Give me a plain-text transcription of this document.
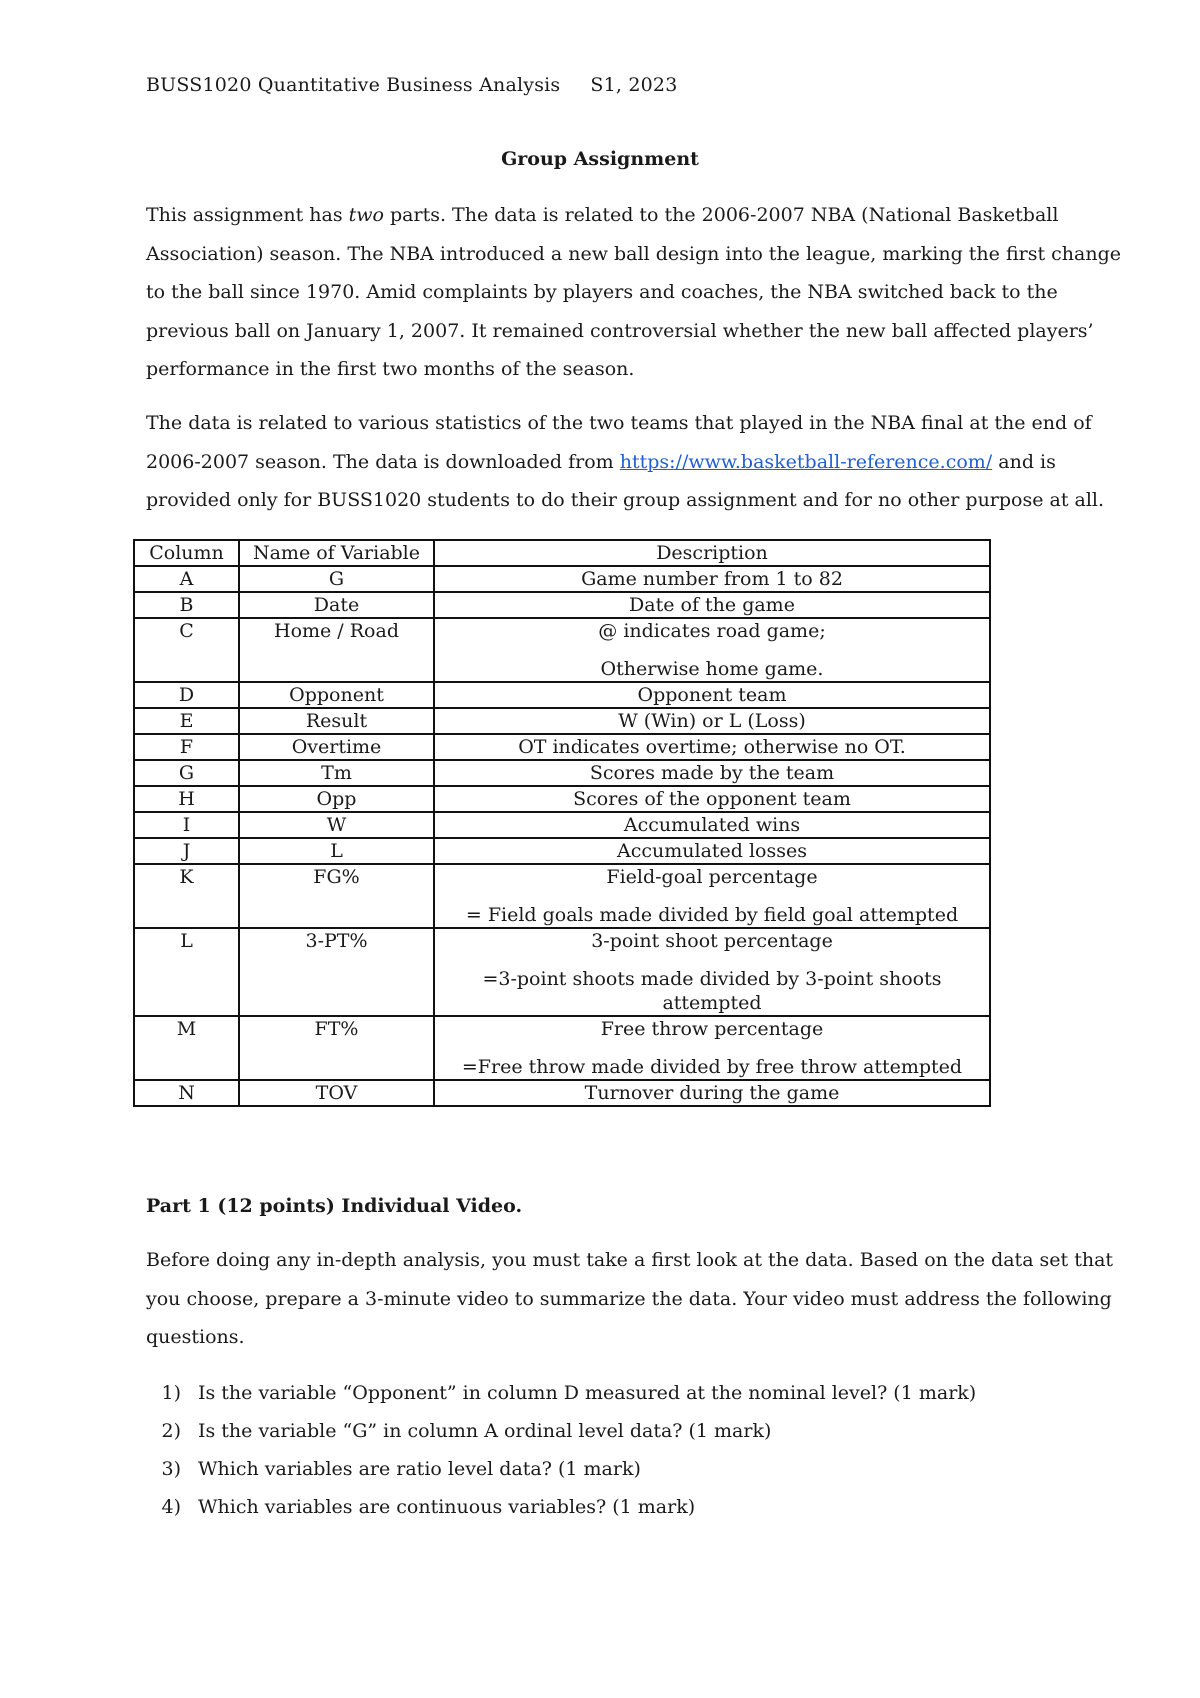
BUSS1020 Quantitative Business Analysis S1, 2023
Group Assignment
This assignment has two parts. The data is related to the 2006-2007 NBA (National Basketball
Association) season. The NBA introduced a new ball design into the league, marking the first change
to the ball since 1970. Amid complaints by players and coaches, the NBA switched back to the
previous ball on January 1, 2007. It remained controversial whether the new ball affected players’
performance in the first two months of the season.
The data is related to various statistics of the two teams that played in the NBA final at the end of
2006-2007 season. The data is downloaded from https://www.basketball-reference.com/ and is
provided only for BUSS1020 students to do their group assignment and for no other purpose at all.
Column	Name of Variable	Description
A	G	Game number from 1 to 82
B	Date	Date of the game
C	Home / Road	@ indicates road game;
Otherwise home game.

D	Opponent	Opponent team
E	Result	W (Win) or L (Loss)
F	Overtime	OT indicates overtime; otherwise no OT.
G	Tm	Scores made by the team
H	Opp	Scores of the opponent team
I	W	Accumulated wins
J	L	Accumulated losses
K	FG%	Field-goal percentage
= Field goals made divided by field goal attempted

L	3-PT%	3-point shoot percentage
=3-point shoots made divided by 3-point shoots attempted

M	FT%	Free throw percentage
=Free throw made divided by free throw attempted

N	TOV	Turnover during the game
Part 1 (12 points) Individual Video.
Before doing any in-depth analysis, you must take a first look at the data. Based on the data set that
you choose, prepare a 3-minute video to summarize the data. Your video must address the following
questions.
1) Is the variable “Opponent” in column D measured at the nominal level? (1 mark)
2) Is the variable “G” in column A ordinal level data? (1 mark)
3) Which variables are ratio level data? (1 mark)
4) Which variables are continuous variables? (1 mark)
